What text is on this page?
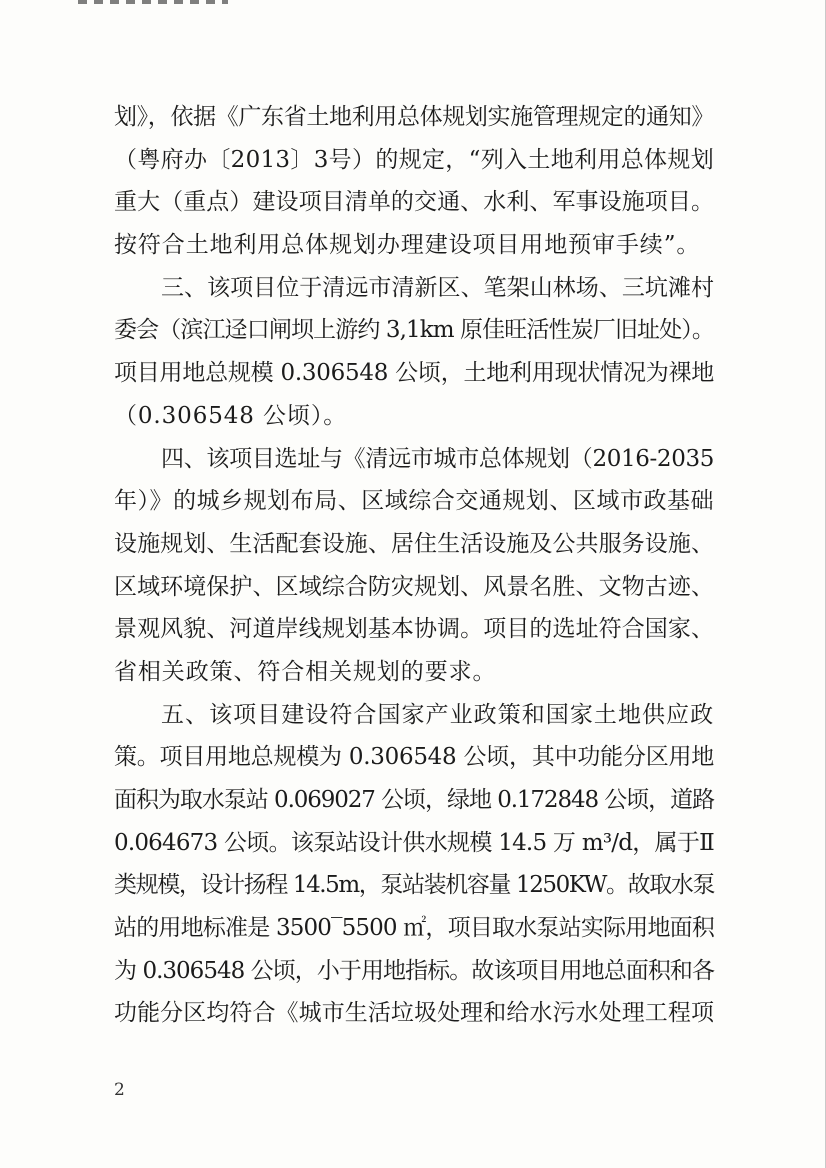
划》，依据《广东省土地利用总体规划实施管理规定的通知》
（粤府办〔2013〕3号）的规定，“列入土地利用总体规划
重大（重点）建设项目清单的交通、水利、军事设施项目。
按符合土地利用总体规划办理建设项目用地预审手续”。
三、该项目位于清远市清新区、笔架山林场、三坑滩村
委会（滨江迳口闸坝上游约 3,1km 原佳旺活性炭厂旧址处）。
项目用地总规模 0.306548 公顷，土地利用现状情况为裸地
（0.306548 公顷）。
四、该项目选址与《清远市城市总体规划（2016-2035
年）》的城乡规划布局、区域综合交通规划、区域市政基础
设施规划、生活配套设施、居住生活设施及公共服务设施、
区域环境保护、区域综合防灾规划、风景名胜、文物古迹、
景观风貌、河道岸线规划基本协调。项目的选址符合国家、
省相关政策、符合相关规划的要求。
五、该项目建设符合国家产业政策和国家土地供应政
策。项目用地总规模为 0.306548 公顷，其中功能分区用地
面积为取水泵站 0.069027 公顷，绿地 0.172848 公顷，道路
0.064673 公顷。该泵站设计供水规模 14.5 万 m³/d，属于Ⅱ
类规模，设计扬程 14.5m，泵站装机容量 1250KW。故取水泵
站的用地标准是 3500‾5500 ㎡，项目取水泵站实际用地面积
为 0.306548 公顷，小于用地指标。故该项目用地总面积和各
功能分区均符合《城市生活垃圾处理和给水污水处理工程项
2
